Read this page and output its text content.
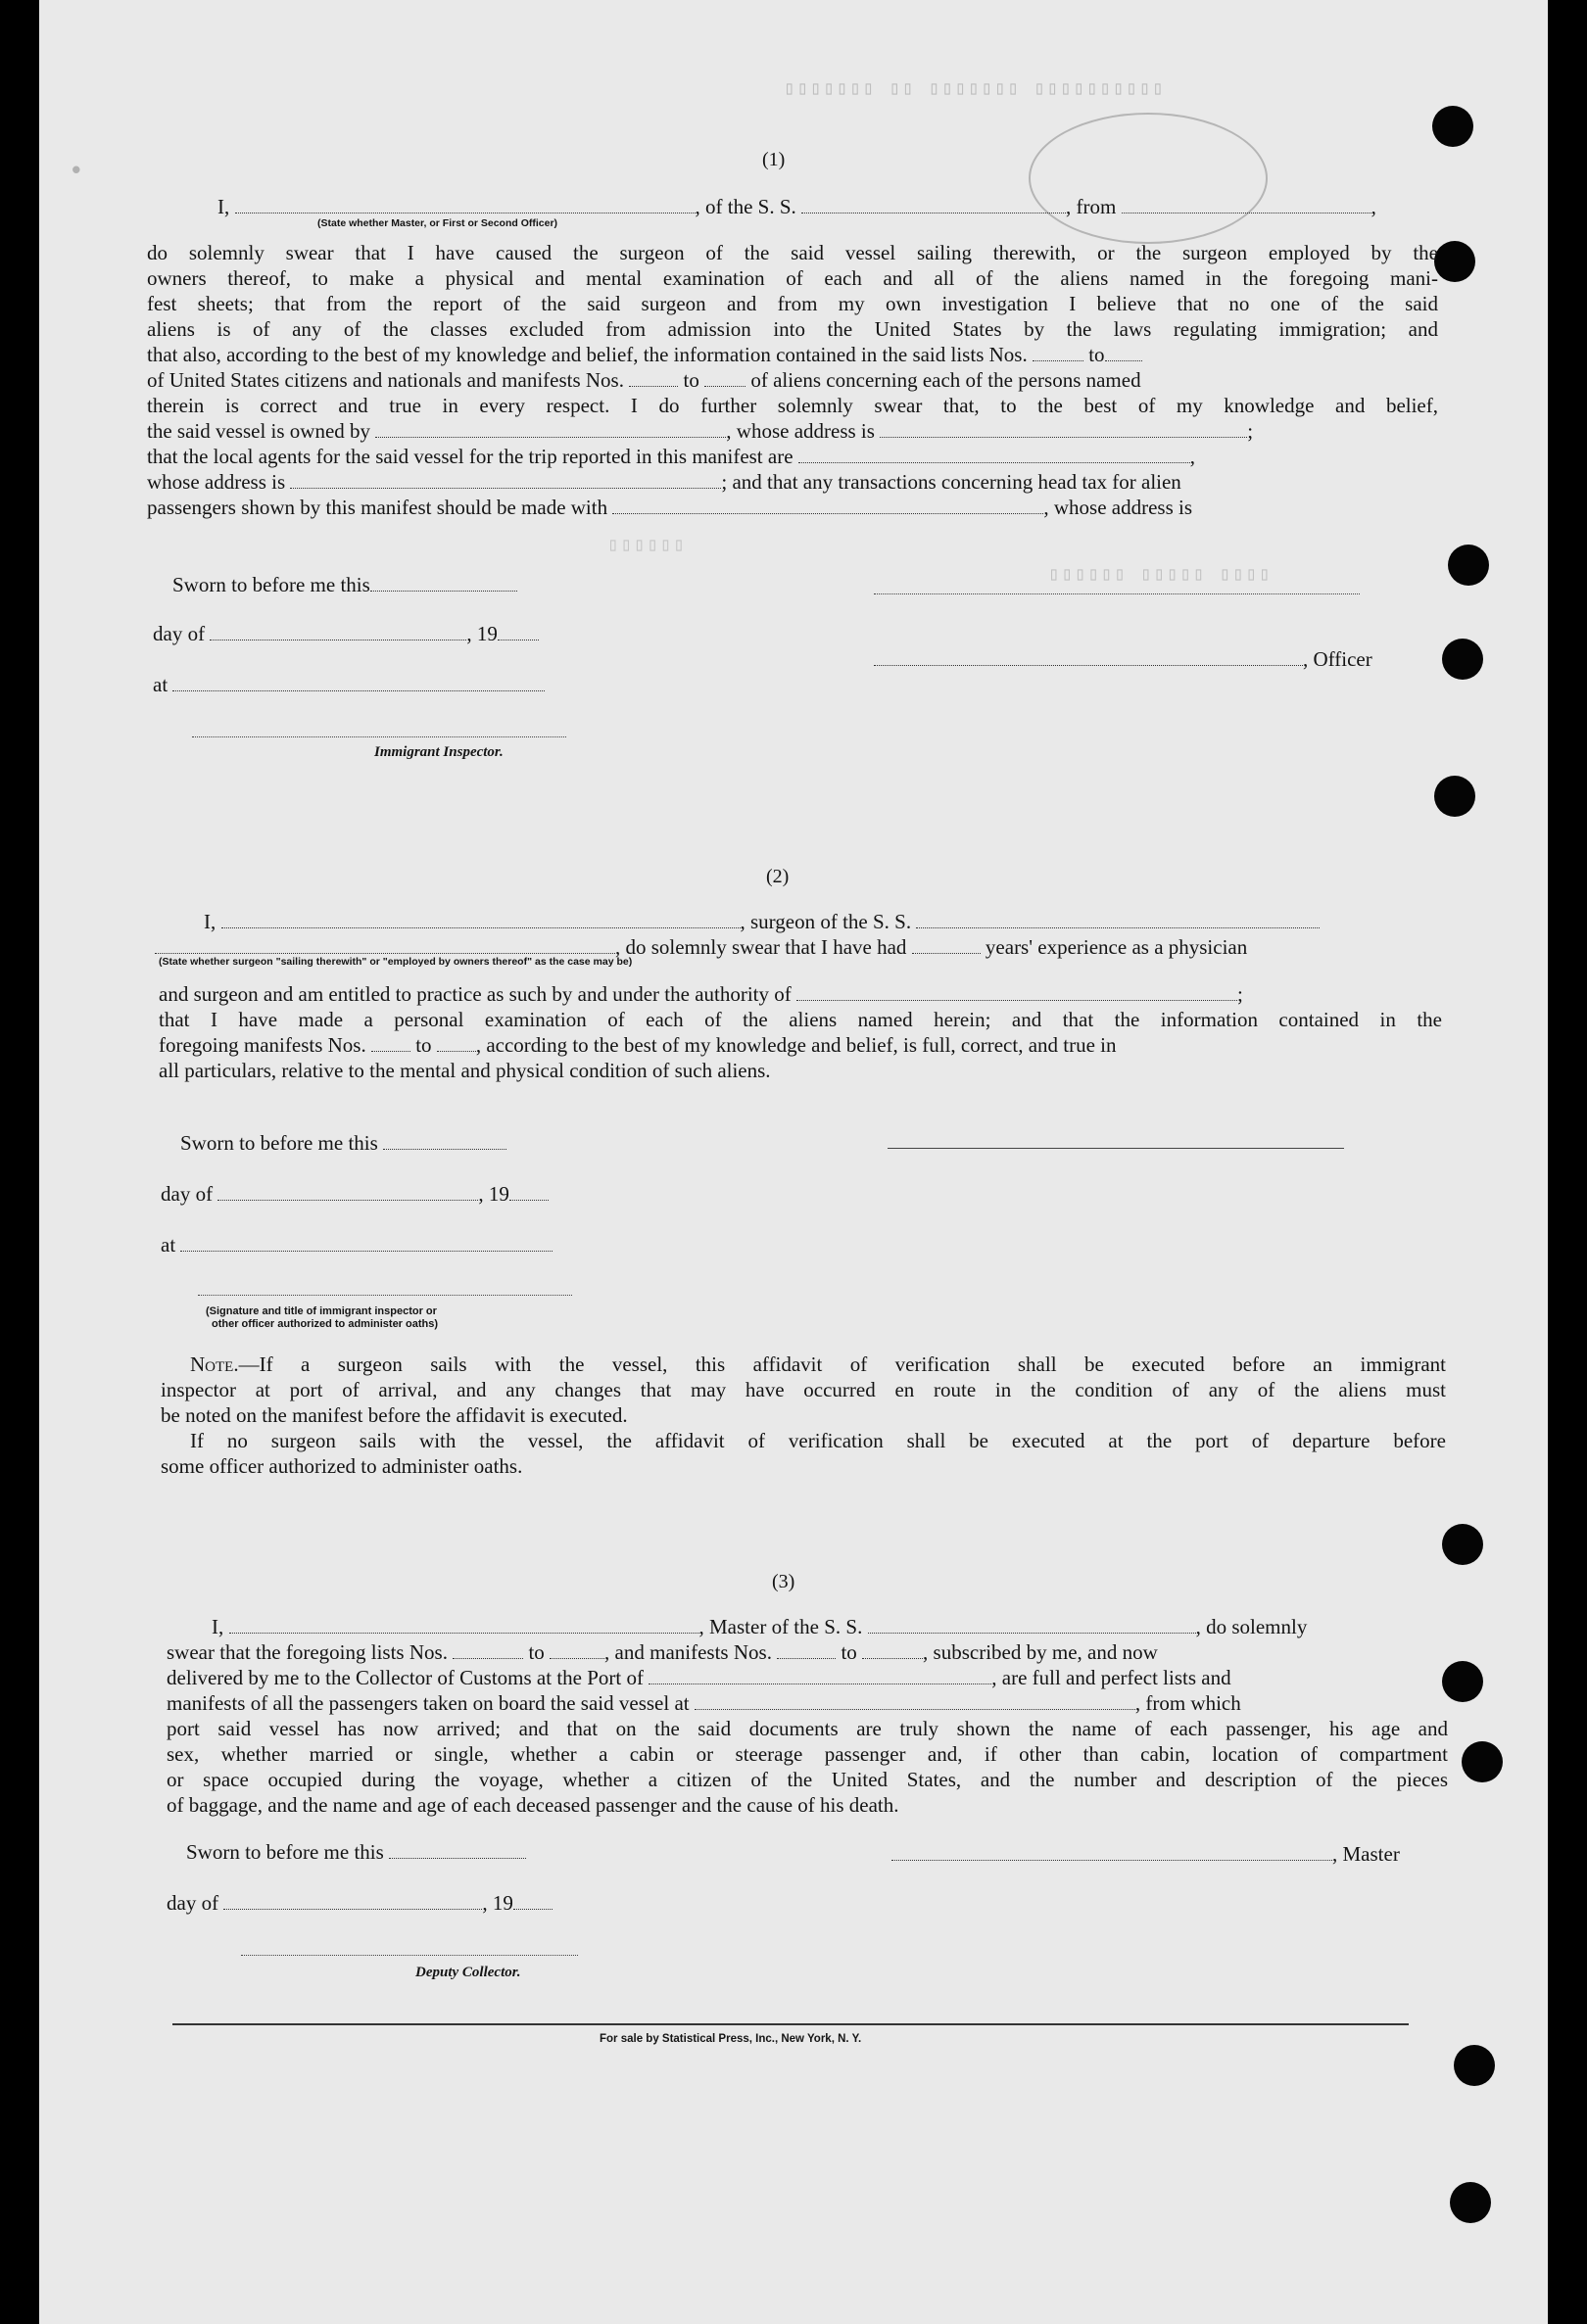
▯▯▯▯▯▯▯ ▯▯ ▯▯▯▯▯▯▯ ▯▯▯▯▯▯▯▯▯▯
•
▯▯▯▯▯▯ ▯▯▯▯▯ ▯▯▯▯
▯▯▯▯▯▯
(1)
I,	, of the S. S.	, from	,
(State whether Master, or First or Second Officer)
do solemnly swear that I have caused the surgeon of the said vessel sailing therewith, or the surgeon employed by the
owners thereof, to make a physical and mental examination of each and all of the aliens named in the foregoing mani-
fest sheets; that from the report of the said surgeon and from my own investigation I believe that no one of the said
aliens is of any of the classes excluded from admission into the United States by the laws regulating immigration; and
that also, according to the best of my knowledge and belief, the information contained in the said lists Nos.	to
of United States citizens and nationals and manifests Nos.	to	of aliens concerning each of the persons named
therein is correct and true in every respect. I do further solemnly swear that, to the best of my knowledge and belief,
the said vessel is owned by	, whose address is	;
that the local agents for the said vessel for the trip reported in this manifest are	,
whose address is	; and that any transactions concerning head tax for alien
passengers shown by this manifest should be made with	, whose address is
Sworn to before me this
day of	, 19
, Officer
at
Immigrant Inspector.
(2)
I,	, surgeon of the S. S.
, do solemnly swear that I have had	years' experience as a physician
(State whether surgeon "sailing therewith" or "employed by owners thereof" as the case may be)
and surgeon and am entitled to practice as such by and under the authority of	;
that I have made a personal examination of each of the aliens named herein; and that the information contained in the
foregoing manifests Nos. to , according to the best of my knowledge and belief, is full, correct, and true in
all particulars, relative to the mental and physical condition of such aliens.
Sworn to before me this
day of	, 19
at
(Signature and title of immigrant inspector or
other officer authorized to administer oaths)
Note.—If a surgeon sails with the vessel, this affidavit of verification shall be executed before an immigrant
inspector at port of arrival, and any changes that may have occurred en route in the condition of any of the aliens must
be noted on the manifest before the affidavit is executed.
If no surgeon sails with the vessel, the affidavit of verification shall be executed at the port of departure before
some officer authorized to administer oaths.
(3)
I,	, Master of the S. S.	, do solemnly
swear that the foregoing lists Nos.	to	, and manifests Nos.	to	, subscribed by me, and now
delivered by me to the Collector of Customs at the Port of	, are full and perfect lists and
manifests of all the passengers taken on board the said vessel at	, from which
port said vessel has now arrived; and that on the said documents are truly shown the name of each passenger, his age and
sex, whether married or single, whether a cabin or steerage passenger and, if other than cabin, location of compartment
or space occupied during the voyage, whether a citizen of the United States, and the number and description of the pieces
of baggage, and the name and age of each deceased passenger and the cause of his death.
Sworn to before me this	, Master
day of	, 19
Deputy Collector.
For sale by Statistical Press, Inc., New York, N. Y.
